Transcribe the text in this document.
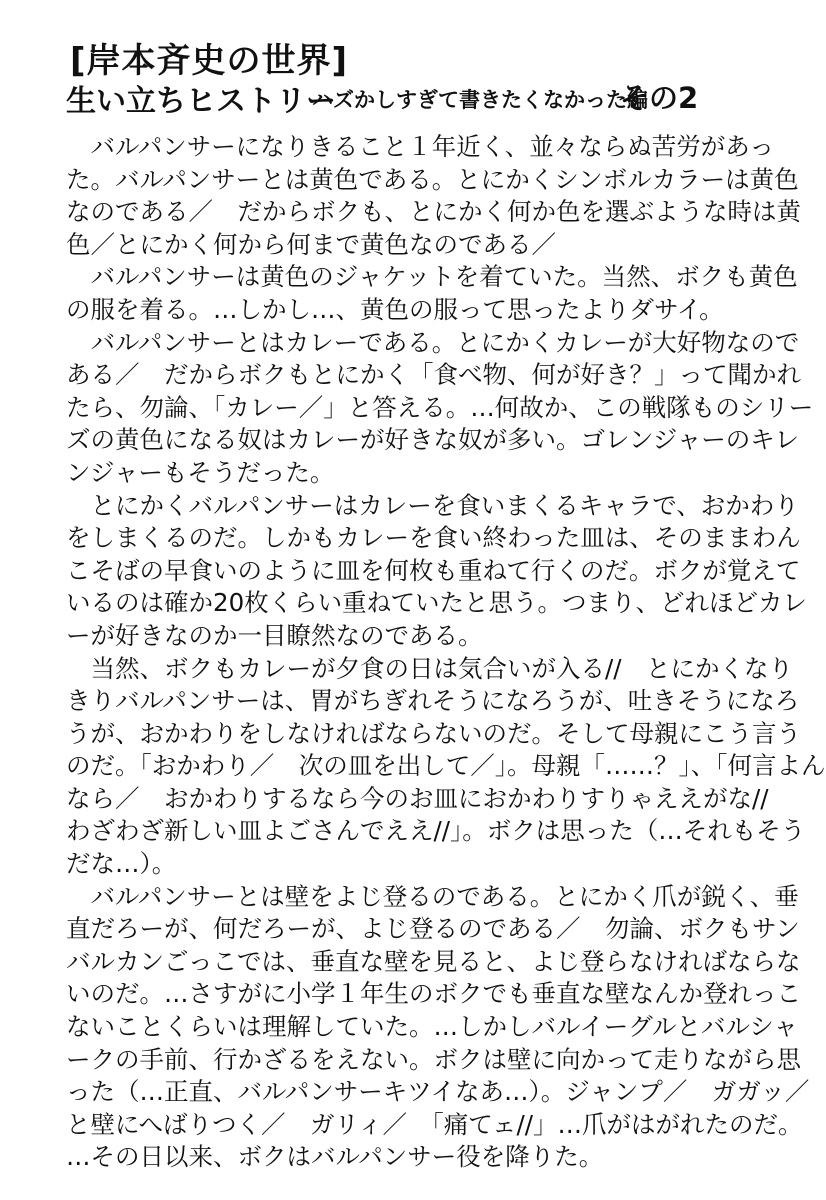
[岸本斉史の世界]
生い立ちヒストリー
ハズかしすぎて書きたくなかった編
その2
　バルパンサーになりきること１年近く、並々ならぬ苦労があっ
た。バルパンサーとは黄色である。とにかくシンボルカラーは黄色
なのである／　だからボクも、とにかく何か色を選ぶような時は黄
色／とにかく何から何まで黄色なのである／
　バルパンサーは黄色のジャケットを着ていた。当然、ボクも黄色
の服を着る。…しかし…、黄色の服って思ったよりダサイ。
　バルパンサーとはカレーである。とにかくカレーが大好物なので
ある／　だからボクもとにかく「食べ物、何が好き？」って聞かれ
たら、勿論、「カレー／」と答える。…何故か、この戦隊ものシリー
ズの黄色になる奴はカレーが好きな奴が多い。ゴレンジャーのキレ
ンジャーもそうだった。
　とにかくバルパンサーはカレーを食いまくるキャラで、おかわり
をしまくるのだ。しかもカレーを食い終わった皿は、そのままわん
こそばの早食いのように皿を何枚も重ねて行くのだ。ボクが覚えて
いるのは確か20枚くらい重ねていたと思う。つまり、どれほどカレ
ーが好きなのか一目瞭然なのである。
　当然、ボクもカレーが夕食の日は気合いが入る//　とにかくなり
きりバルパンサーは、胃がちぎれそうになろうが、吐きそうになろ
うが、おかわりをしなければならないのだ。そして母親にこう言う
のだ。「おかわり／　次の皿を出して／」。母親「……？」、「何言よん
なら／　おかわりするなら今のお皿におかわりすりゃええがな//
わざわざ新しい皿よごさんでええ//」。ボクは思った（…それもそう
だな…）。
　バルパンサーとは壁をよじ登るのである。とにかく爪が鋭く、垂
直だろーが、何だろーが、よじ登るのである／　勿論、ボクもサン
バルカンごっこでは、垂直な壁を見ると、よじ登らなければならな
いのだ。…さすがに小学１年生のボクでも垂直な壁なんか登れっこ
ないことくらいは理解していた。…しかしバルイーグルとバルシャ
ークの手前、行かざるをえない。ボクは壁に向かって走りながら思
った（…正直、バルパンサーキツイなあ…）。ジャンプ／　ガガッ／
と壁にへばりつく／　ガリィ／　「痛てェ//」…爪がはがれたのだ。
…その日以来、ボクはバルパンサー役を降りた。
